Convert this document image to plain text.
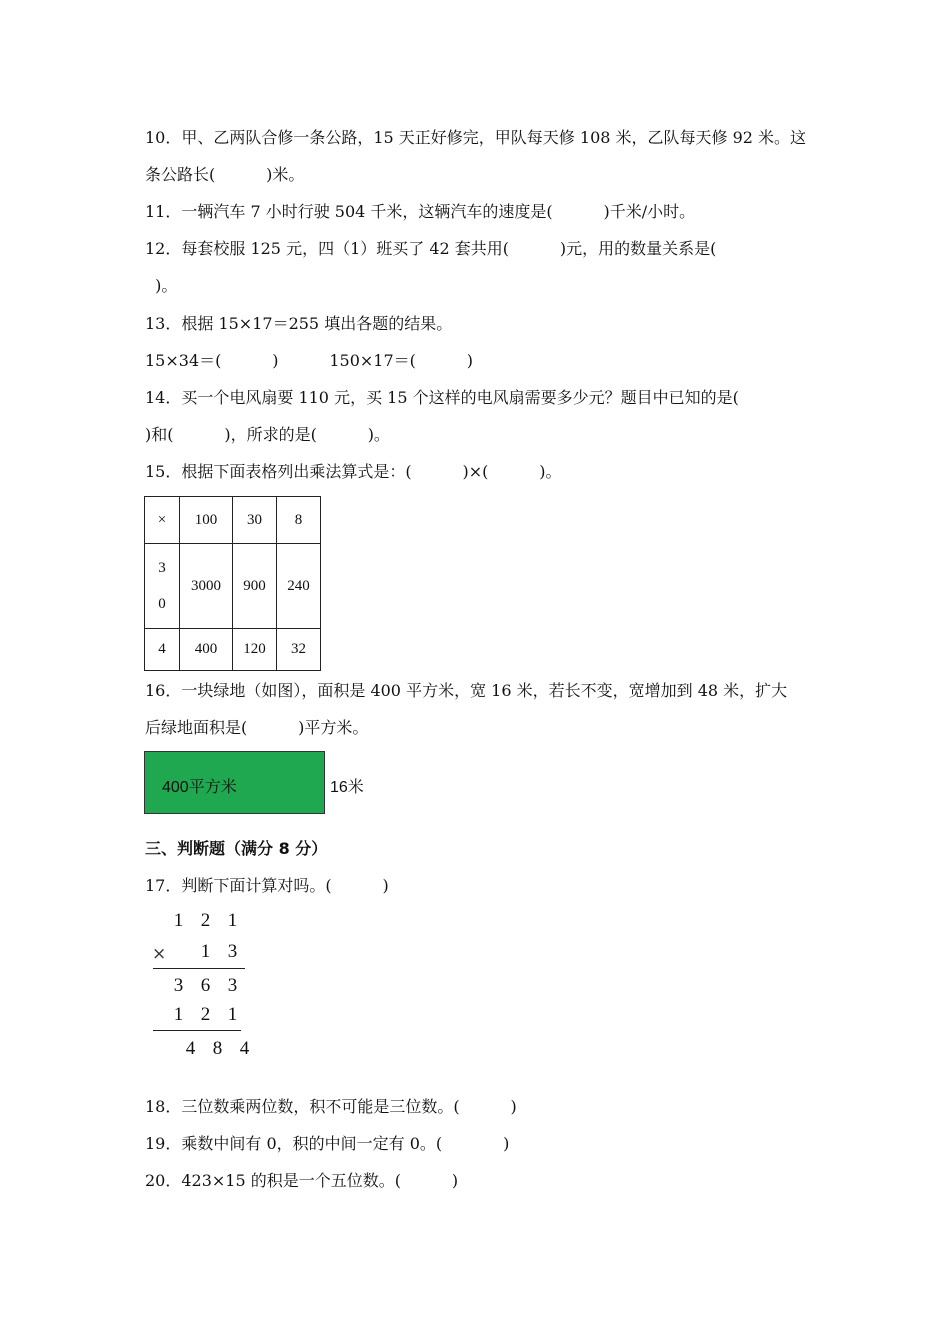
10．甲、乙两队合修一条公路，15 天正好修完，甲队每天修 108 米，乙队每天修 92 米。这
条公路长(          )米。
11．一辆汽车 7 小时行驶 504 千米，这辆汽车的速度是(          )千米/小时。
12．每套校服 125 元，四（1）班买了 42 套共用(          )元，用的数量关系是(
)。
13．根据 15×17＝255 填出各题的结果。
15×34＝(          )          150×17＝(          )
14．买一个电风扇要 110 元，买 15 个这样的电风扇需要多少元？题目中已知的是(
)和(          )，所求的是(          )。
15．根据下面表格列出乘法算式是：(          )×(          )。
×	100	30	8
30	3000	900	240
4	400	120	32
16．一块绿地（如图），面积是 400 平方米，宽 16 米，若长不变，宽增加到 48 米，扩大
后绿地面积是(          )平方米。
400平方米	16米
三、判断题（满分 8 分）
17．判断下面计算对吗。(          )
1 2 1
×	1 3
3 6 3
1 2 1
4 8 4
18．三位数乘两位数，积不可能是三位数。(          )
19．乘数中间有 0，积的中间一定有 0。(            )
20．423×15 的积是一个五位数。(          )
